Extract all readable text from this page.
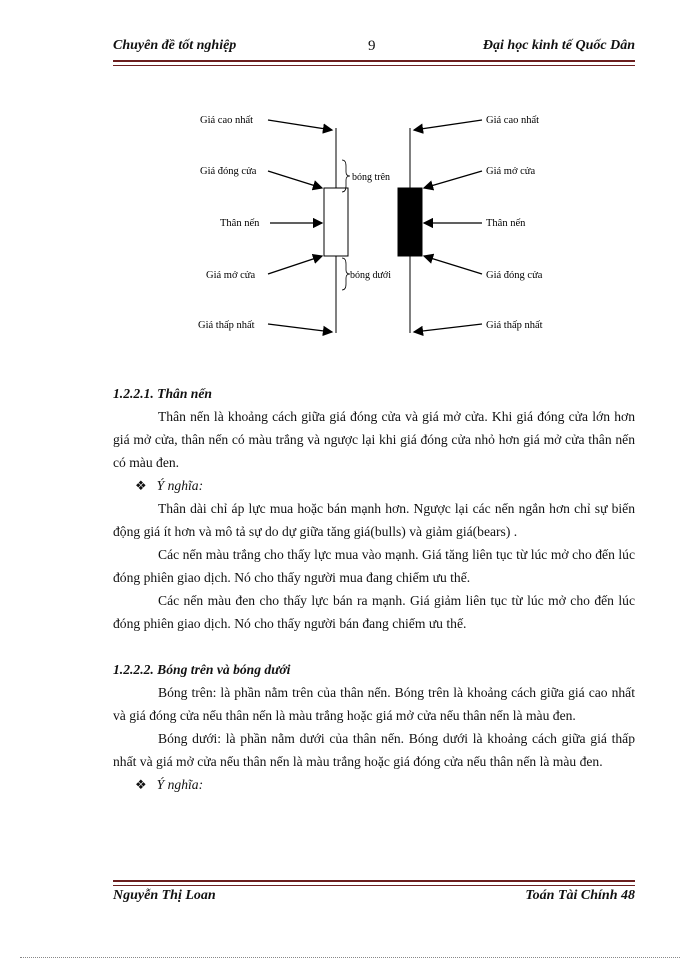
Chuyên đề tốt nghiệp	9	Đại học kinh tế Quốc Dân
bóng trên
bóng dưới
Giá cao nhất
Giá đóng cửa
Thân nến
Giá mở cửa
Giá thấp nhất
Giá cao nhất
Giá mở cửa
Thân nến
Giá đóng cửa
Giá thấp nhất

1.2.2.1. Thân nến

Thân nến là khoảng cách giữa giá đóng cửa và giá mở cửa. Khi giá đóng cửa lớn hơn giá mở cửa, thân nến có màu trắng và ngược lại khi giá đóng cửa nhỏ hơn giá mở cửa thân nến có màu đen.

❖ Ý nghĩa:

Thân dài chỉ áp lực mua hoặc bán mạnh hơn. Ngược lại các nến ngắn hơn chỉ sự biến động giá ít hơn và mô tả sự do dự giữa tăng giá(bulls) và giảm giá(bears) .

Các nến màu trắng cho thấy lực mua vào mạnh. Giá tăng liên tục từ lúc mở cho đến lúc đóng phiên giao dịch. Nó cho thấy người mua đang chiếm ưu thế.

Các nến màu đen cho thấy lực bán ra mạnh. Giá giảm liên tục từ lúc mở cho đến lúc đóng phiên giao dịch. Nó cho thấy người bán đang chiếm ưu thế.

1.2.2.2. Bóng trên và bóng dưới

Bóng trên: là phần nằm trên của thân nến. Bóng trên là khoảng cách giữa giá cao nhất và giá đóng cửa nếu thân nến là màu trắng hoặc giá mở cửa nếu thân nến là màu đen.

Bóng dưới: là phần nằm dưới của thân nến. Bóng dưới là khoảng cách giữa giá thấp nhất và giá mở cửa nếu thân nến là màu trắng hoặc giá đóng cửa nếu thân nến là màu đen.

❖ Ý nghĩa:
Nguyễn Thị Loan	Toán Tài Chính 48
